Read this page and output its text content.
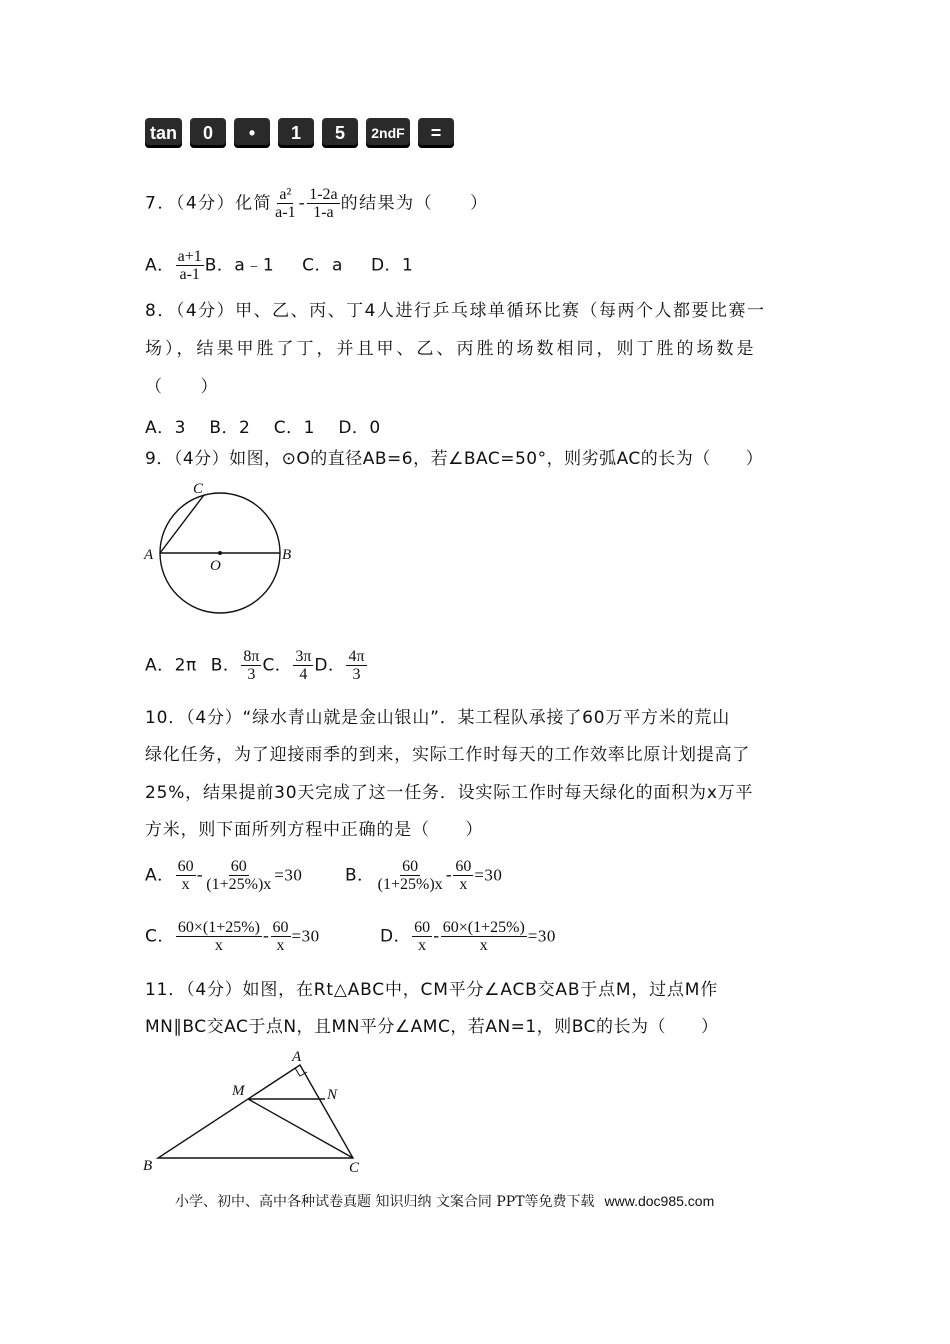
tan	0	•	1	5	2ndF	=
7．（4分）化简 $\frac{\text{a²}}{a-1} - \frac{1-2a}{1-a}$ 的结果为（　　）
A． $\frac{a+1}{a-1}$ B．a﹣1 C．a D．1
8．（4分）甲、乙、丙、丁4人进行乒乓球单循环比赛（每两个人都要比赛一
场），结果甲胜了丁，并且甲、乙、丙胜的场数相同，则丁胜的场数是
（　　）
A．3　 B．2　 C．1　 D．0
9．（4分）如图，⊙O的直径AB=6，若∠BAC=50°，则劣弧AC的长为（　　）
C
A	B
O
A．2π B． $\frac{8\pi}{3}$ C． $\frac{3\pi}{4}$ D． $\frac{4\pi}{3}$
10．（4分）“绿水青山就是金山银山”．某工程队承接了60万平方米的荒山
绿化任务，为了迎接雨季的到来，实际工作时每天的工作效率比原计划提高了
25%，结果提前30天完成了这一任务．设实际工作时每天绿化的面积为x万平
方米，则下面所列方程中正确的是（　　）
A． $\frac{60}{x} - \frac{60}{(1+25\%)x} =30$	B． $\frac{60}{(1+25\%)x} - \frac{60}{x} =30$
C． $\frac{60\times(1+25\%)}{x} - \frac{60}{x} =30$	D． $\frac{60}{x} - \frac{60\times(1+25\%)}{x} =30$
11．（4分）如图，在Rt△ABC中，CM平分∠ACB交AB于点M，过点M作
MN∥BC交AC于点N，且MN平分∠AMC，若AN=1，则BC的长为（　　）
A
M	N
B	C
小学、初中、高中各种试卷真题 知识归纳 文案合同 PPT等免费下载 www.doc985.com
